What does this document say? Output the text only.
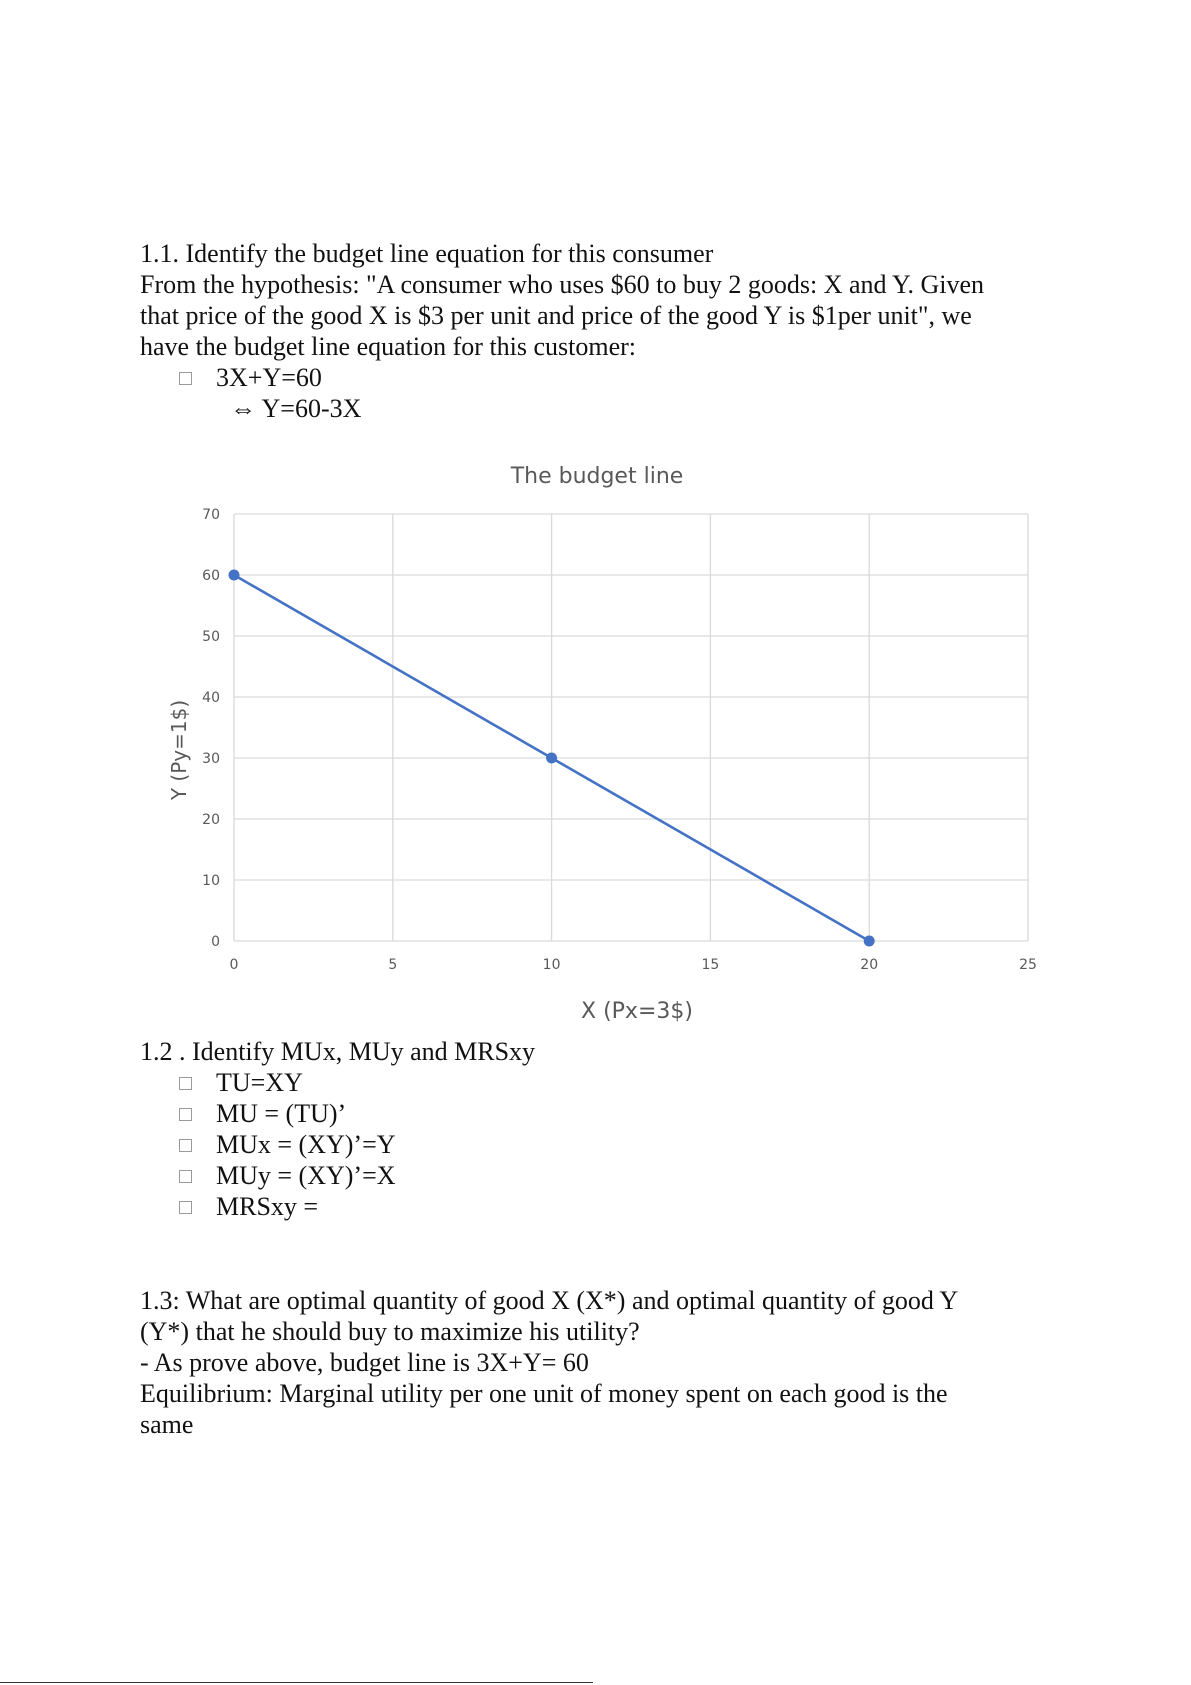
1.1. Identify the budget line equation for this consumer
From the hypothesis: "A consumer who uses $60 to buy 2 goods: X and Y. Given
that price of the good X is $3 per unit and price of the good Y is $1per unit", we
have the budget line equation for this customer:
3X+Y=60
⇔ Y=60-3X
0	5	10	15	20	25
0
10
20
30
40
50
60
70
The budget line
X (Px=3$)
Y (Py=1$)
1.2 . Identify MUx, MUy and MRSxy
TU=XY
MU = (TU)’
MUx = (XY)’=Y
MUy = (XY)’=X
MRSxy =
1.3: What are optimal quantity of good X (X*) and optimal quantity of good Y
(Y*) that he should buy to maximize his utility?
- As prove above, budget line is 3X+Y= 60
Equilibrium: Marginal utility per one unit of money spent on each good is the
same
